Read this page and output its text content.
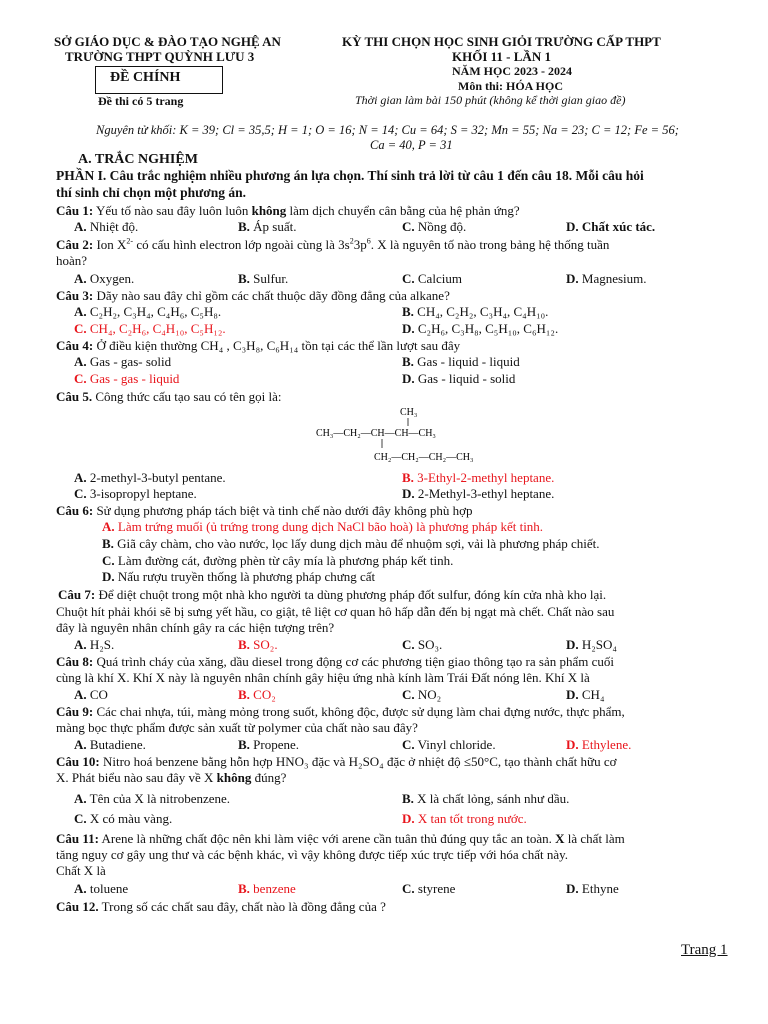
SỞ GIÁO DỤC & ĐÀO TẠO NGHỆ AN
TRƯỜNG THPT QUỲNH LƯU 3
ĐỀ CHÍNH
Đề thi có 5 trang
KỲ THI CHỌN HỌC SINH GIỎI TRƯỜNG CẤP THPT
KHỐI 11 - LẦN 1
NĂM HỌC 2023 - 2024
Môn thi: HÓA HỌC
Thời gian làm bài 150 phút (không kể thời gian giao đề)
Nguyên tử khối: K = 39; Cl = 35,5; H = 1; O = 16; N = 14; Cu = 64; S = 32; Mn = 55; Na = 23; C = 12; Fe = 56;
Ca = 40, P = 31
A. TRẮC NGHIỆM
PHẦN I. Câu trắc nghiệm nhiều phương án lựa chọn. Thí sinh trả lời từ câu 1 đến câu 18. Mỗi câu hỏi
thí sinh chỉ chọn một phương án.
Câu 1: Yếu tố nào sau đây luôn luôn không làm dịch chuyển cân bằng của hệ phản ứng?
A. Nhiệt độ.	B. Áp suất.	C. Nồng độ.	D. Chất xúc tác.
Câu 2: Ion $X^{2-}$ có cấu hình electron lớp ngoài cùng là $3s^23p^6$. X là nguyên tố nào trong bảng hệ thống tuần
hoàn?
A. Oxygen.	B. Sulfur.	C. Calcium	D. Magnesium.
Câu 3: Dãy nào sau đây chỉ gồm các chất thuộc dãy đồng đẳng của alkane?
A. C₂H₂, C₃H₄, C₄H₆, C₅H₈.	B. CH₄, C₂H₂, C₃H₄, C₄H₁₀.
C. CH₄, C₂H₆, C₄H₁₀, C₅H₁₂.	D. C₂H₆, C₃H₈, C₅H₁₀, C₆H₁₂.
Câu 4: Ở điều kiện thường CH₄ , C₃H₈, C₆H₁₄ tồn tại các thể lần lượt sau đây
A. Gas - gas- solid	B. Gas - liquid - liquid
C. Gas - gas - liquid	D. Gas - liquid - solid
Câu 5. Công thức cấu tạo sau có tên gọi là:
CH₃
CH₃—CH₂—CH—CH—CH₃
CH₂—CH₂—CH₂—CH₃
A. 2-methyl-3-butyl pentane.	B. 3-Ethyl-2-methyl heptane.
C. 3-isopropyl heptane.	D. 2-Methyl-3-ethyl heptane.
Câu 6: Sử dụng phương pháp tách biệt và tinh chế nào dưới đây không phù hợp
A. Làm trứng muối (ủ trứng trong dung dịch NaCl bão hoà) là phương pháp kết tinh.
B. Giã cây chàm, cho vào nước, lọc lấy dung dịch màu để nhuộm sợi, vải là phương pháp chiết.
C. Làm đường cát, đường phèn từ cây mía là phương pháp kết tinh.
D. Nấu rượu truyền thống là phương pháp chưng cất
Câu 7: Để diệt chuột trong một nhà kho người ta dùng phương pháp đốt sulfur, đóng kín cửa nhà kho lại.
Chuột hít phải khói sẽ bị sưng yết hầu, co giật, tê liệt cơ quan hô hấp dẫn đến bị ngạt mà chết. Chất nào sau
đây là nguyên nhân chính gây ra các hiện tượng trên?
A. H₂S.	B. SO₂.	C. SO₃.	D. H₂SO₄
Câu 8: Quá trình cháy của xăng, dầu diesel trong động cơ các phương tiện giao thông tạo ra sản phẩm cuối
cùng là khí X. Khí X này là nguyên nhân chính gây hiệu ứng nhà kính làm Trái Đất nóng lên. Khí X là
A. CO	B. CO₂	C. NO₂	D. CH₄
Câu 9: Các chai nhựa, túi, màng mỏng trong suốt, không độc, được sử dụng làm chai đựng nước, thực phẩm,
màng bọc thực phẩm được sản xuất từ polymer của chất nào sau đây?
A. Butadiene.	B. Propene.	C. Vinyl chloride.	D. Ethylene.
Câu 10: Nitro hoá benzene bằng hỗn hợp HNO₃ đặc và H₂SO₄ đặc ở nhiệt độ ≤50°C, tạo thành chất hữu cơ
X. Phát biểu nào sau đây về X không đúng?
A. Tên của X là nitrobenzene.	B. X là chất lỏng, sánh như dầu.
C. X có màu vàng.	D. X tan tốt trong nước.
Câu 11: Arene là những chất độc nên khi làm việc với arene cần tuân thủ đúng quy tắc an toàn. X là chất làm
tăng nguy cơ gây ung thư và các bệnh khác, vì vậy không được tiếp xúc trực tiếp với hóa chất này.
Chất X là
A. toluene	B. benzene	C. styrene	D. Ethyne
Câu 12. Trong số các chất sau đây, chất nào là đồng đẳng của ?
Trang 1
